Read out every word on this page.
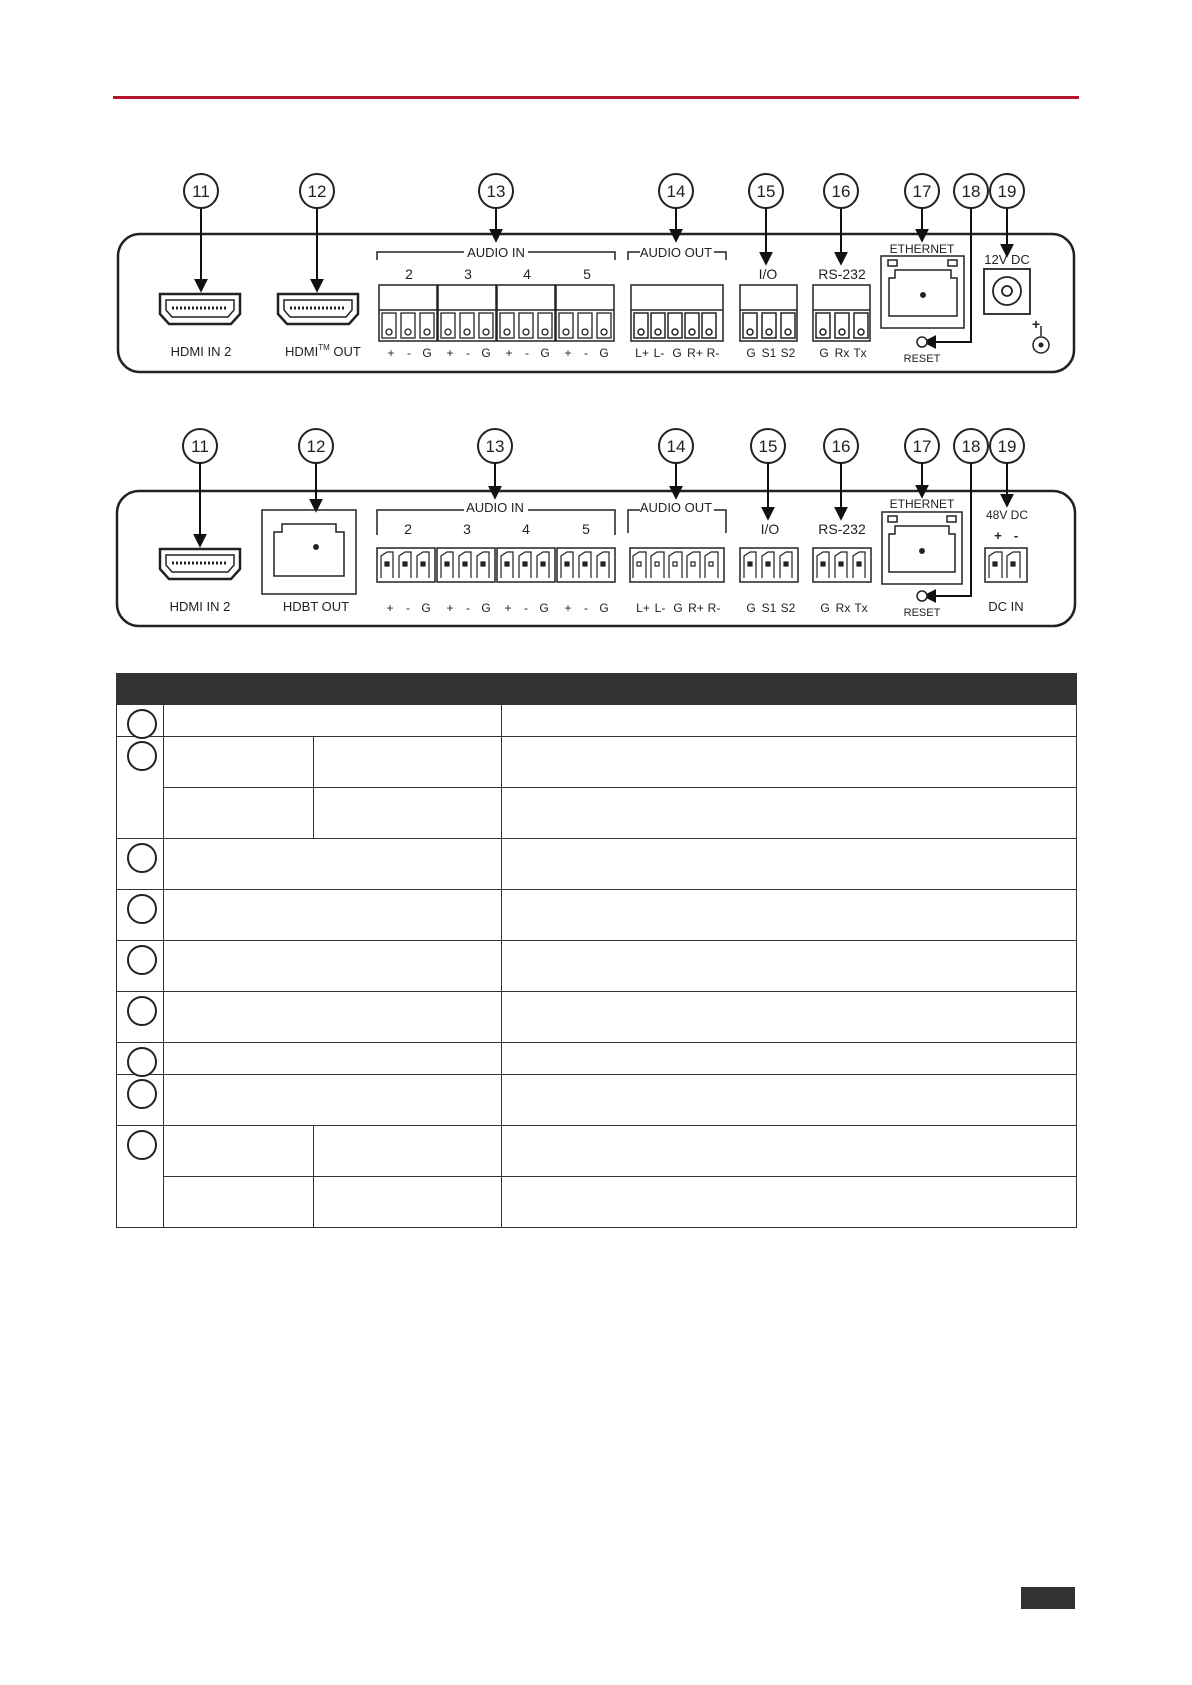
11	12	13	14	15	16	17 18 19
HDMI IN 2	HDMI™ OUT
AUDIO IN
2	3	4	5
+ - G + - G + - G + - G
AUDIO OUT
L+ L- G R+ R-
I/O
G S1 S2
RS-232
G Rx Tx
ETHERNET
RESET
12V DC
+
11	12	13	14	15	16	17 18 19
HDMI IN 2	HDBT OUT
AUDIO IN
2	3	4	5
+ - G + - G + - G + - G
AUDIO OUT
L+ L- G R+ R-
I/O
G S1 S2
RS-232
G Rx Tx
ETHERNET
RESET
48V DC
+ -
DC IN
